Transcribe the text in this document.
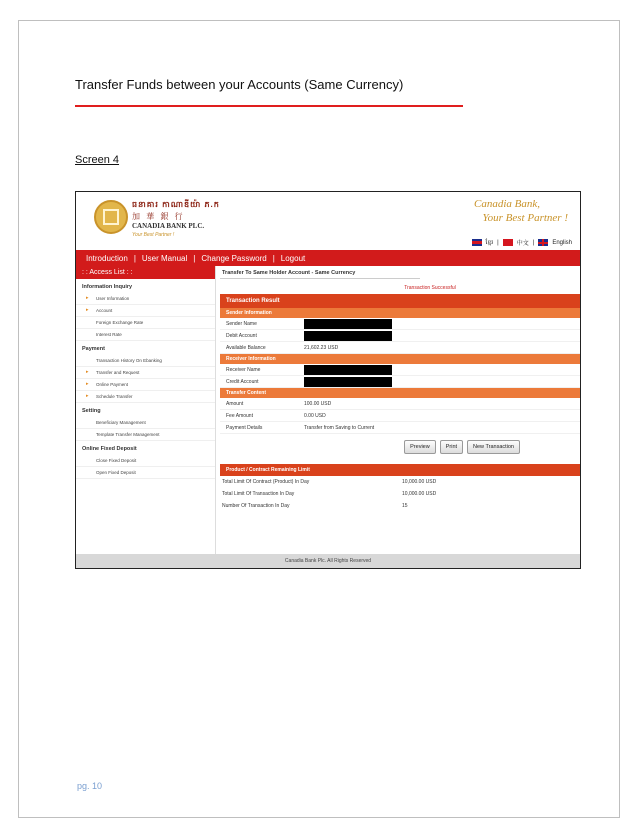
Transfer Funds between your Accounts (Same Currency)
Screen 4
ធនាគារ កាណាឌីយ៉ា ភ.ក
加 華 銀 行
CANADIA BANK PLC.
Your Best Partner !
Canadia Bank,
Your Best Partner !
ខ្មែរ |	中文 |	English
Introduction | User Manual | Change Password | Logout
: : Access List : :
Information Inquiry
▸ User Information
▸ Account
Foreign Exchange Rate
Interest Rate
Payment
Transaction History On Ebanking
▸ Transfer and Request
▸ Online Payment
▸ Schedule Transfer
Setting
Beneficiary Management
Template Transfer Management
Online Fixed Deposit
Close Fixed Deposit
Open Fixed Deposit
Transfer To Same Holder Account - Same Currency
Transaction Successful
Transaction Result
Sender Information
Sender Name
Debit Account
Available Balance	21,602.23 USD
Receiver Information
Receiver Name
Credit Account
Transfer Content
Amount	100.00 USD
Fee Amount	0.00 USD
Payment Details	Transfer from Saving to Current
Preview	Print	New Transaction
Product / Contract Remaining Limit
Total Limit Of Contract (Product) In Day	10,000.00 USD
Total Limit Of Transaction In Day	10,000.00 USD
Number Of Transaction In Day	15
Canadia Bank Plc. All Rights Reserved
pg. 10
